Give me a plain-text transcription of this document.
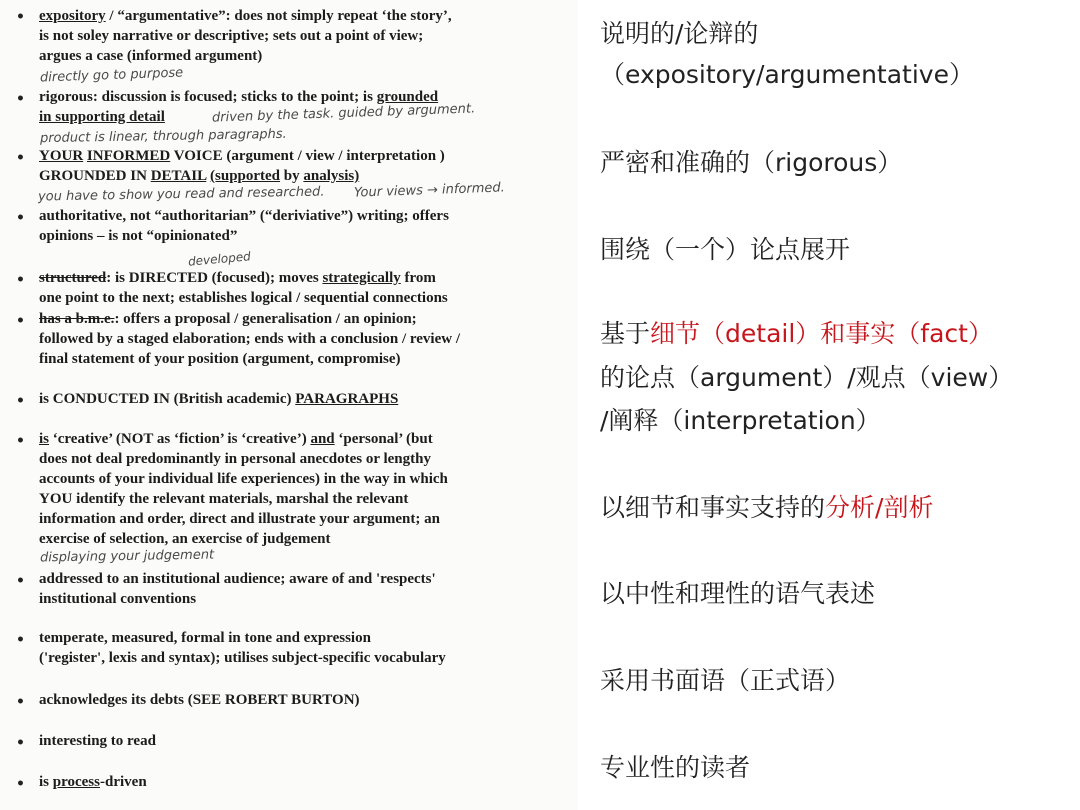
• expository / “argumentative”: does not simply repeat ‘the story’,
is not soley narrative or descriptive; sets out a point of view;
argues a case (informed argument)
directly go to purpose
• rigorous: discussion is focused; sticks to the point; is grounded
in supporting detail	driven by the task. guided by argument.
product is linear, through paragraphs.
• YOUR INFORMED VOICE (argument / view / interpretation )
GROUNDED IN DETAIL (supported by analysis)
you have to show you read and researched. Your views → informed.
• authoritative, not “authoritarian” (“deriviative”) writing; offers
opinions – is not “opinionated”
developed
• structured: is DIRECTED (focused); moves strategically from
one point to the next; establishes logical / sequential connections
• has a b.m.e.: offers a proposal / generalisation / an opinion;
followed by a staged elaboration; ends with a conclusion / review /
final statement of your position (argument, compromise)
• is CONDUCTED IN (British academic) PARAGRAPHS
• is ‘creative’ (NOT as ‘fiction’ is ‘creative’) and ‘personal’ (but
does not deal predominantly in personal anecdotes or lengthy
accounts of your individual life experiences) in the way in which
YOU identify the relevant materials, marshal the relevant
information and order, direct and illustrate your argument; an
exercise of selection, an exercise of judgement
displaying your judgement
• addressed to an institutional audience; aware of and 'respects'
institutional conventions
• temperate, measured, formal in tone and expression
('register', lexis and syntax); utilises subject-specific vocabulary
• acknowledges its debts (SEE ROBERT BURTON)
• interesting to read
• is process-driven
说明的/论辩的
（expository/argumentative）
严密和准确的（rigorous）
围绕（一个）论点展开
基于细节（detail）和事实（fact）
的论点（argument）/观点（view）
/阐释（interpretation）
以细节和事实支持的分析/剖析
以中性和理性的语气表述
采用书面语（正式语）
专业性的读者
